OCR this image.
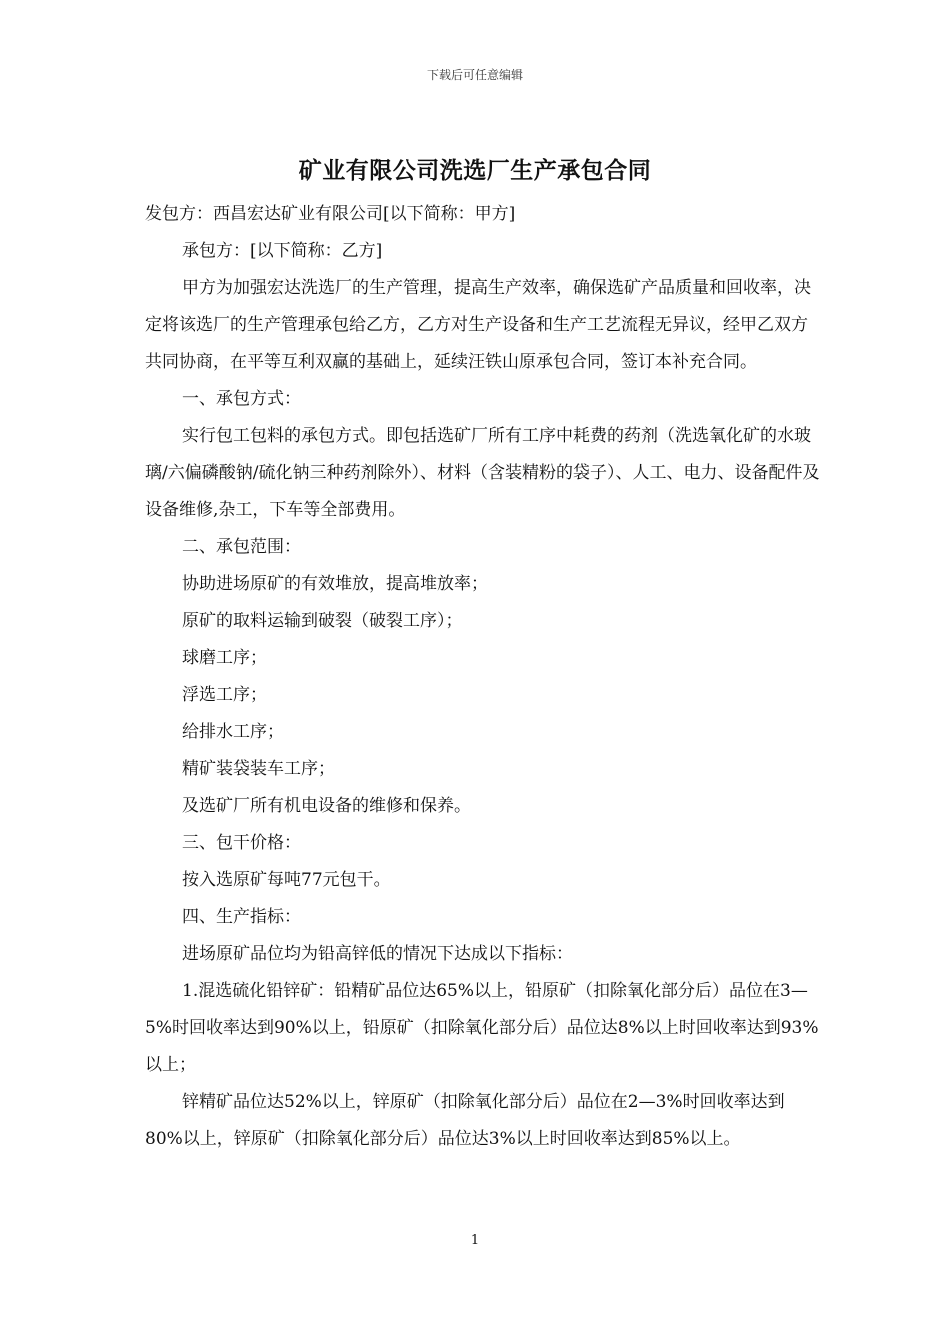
下载后可任意编辑
矿业有限公司洗选厂生产承包合同

发包方：西昌宏达矿业有限公司[以下简称：甲方]

承包方：[以下简称：乙方]

甲方为加强宏达洗选厂的生产管理，提高生产效率，确保选矿产品质量和回收率，决定将该选厂的生产管理承包给乙方，乙方对生产设备和生产工艺流程无异议，经甲乙双方共同协商，在平等互利双赢的基础上，延续汪铁山原承包合同，签订本补充合同。

一、承包方式：

实行包工包料的承包方式。即包括选矿厂所有工序中耗费的药剂（洗选氧化矿的水玻璃/六偏磷酸钠/硫化钠三种药剂除外）、材料（含装精粉的袋子）、人工、电力、设备配件及设备维修,杂工，下车等全部费用。

二、承包范围：

协助进场原矿的有效堆放，提高堆放率；

原矿的取料运输到破裂（破裂工序）；

球磨工序；

浮选工序；

给排水工序；

精矿装袋装车工序；

及选矿厂所有机电设备的维修和保养。

三、包干价格：

按入选原矿每吨77元包干。

四、生产指标：

进场原矿品位均为铅高锌低的情况下达成以下指标：

1.混选硫化铅锌矿：铅精矿品位达65%以上，铅原矿（扣除氧化部分后）品位在3—5%时回收率达到90%以上，铅原矿（扣除氧化部分后）品位达8%以上时回收率达到93%以上；

锌精矿品位达52%以上，锌原矿（扣除氧化部分后）品位在2—3%时回收率达到80%以上，锌原矿（扣除氧化部分后）品位达3%以上时回收率达到85%以上。

1
